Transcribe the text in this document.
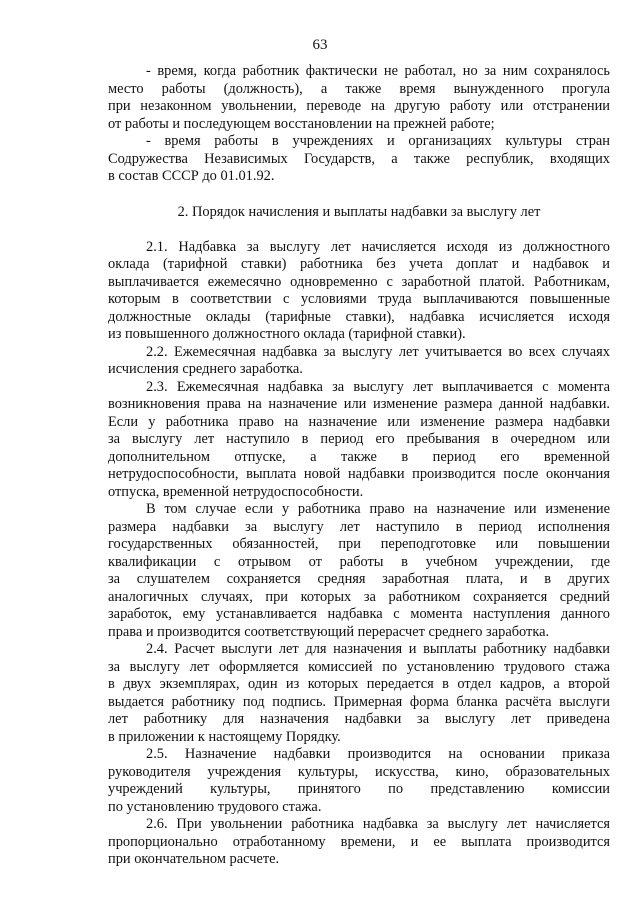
63
- время, когда работник фактически не работал, но за ним сохранялось
место работы (должность), а также время вынужденного прогула
при незаконном увольнении, переводе на другую работу или отстранении
от работы и последующем восстановлении на прежней работе;
- время работы в учреждениях и организациях культуры стран
Содружества Независимых Государств, а также республик, входящих
в состав СССР до 01.01.92.
2. Порядок начисления и выплаты надбавки за выслугу лет
2.1. Надбавка за выслугу лет начисляется исходя из должностного
оклада (тарифной ставки) работника без учета доплат и надбавок и
выплачивается ежемесячно одновременно с заработной платой. Работникам,
которым в соответствии с условиями труда выплачиваются повышенные
должностные оклады (тарифные ставки), надбавка исчисляется исходя
из повышенного должностного оклада (тарифной ставки).
2.2. Ежемесячная надбавка за выслугу лет учитывается во всех случаях
исчисления среднего заработка.
2.3. Ежемесячная надбавка за выслугу лет выплачивается с момента
возникновения права на назначение или изменение размера данной надбавки.
Если у работника право на назначение или изменение размера надбавки
за выслугу лет наступило в период его пребывания в очередном или
дополнительном отпуске, а также в период его временной
нетрудоспособности, выплата новой надбавки производится после окончания
отпуска, временной нетрудоспособности.
В том случае если у работника право на назначение или изменение
размера надбавки за выслугу лет наступило в период исполнения
государственных обязанностей, при переподготовке или повышении
квалификации с отрывом от работы в учебном учреждении, где
за слушателем сохраняется средняя заработная плата, и в других
аналогичных случаях, при которых за работником сохраняется средний
заработок, ему устанавливается надбавка с момента наступления данного
права и производится соответствующий перерасчет среднего заработка.
2.4. Расчет выслуги лет для назначения и выплаты работнику надбавки
за выслугу лет оформляется комиссией по установлению трудового стажа
в двух экземплярах, один из которых передается в отдел кадров, а второй
выдается работнику под подпись. Примерная форма бланка расчёта выслуги
лет работнику для назначения надбавки за выслугу лет приведена
в приложении к настоящему Порядку.
2.5. Назначение надбавки производится на основании приказа
руководителя учреждения культуры, искусства, кино, образовательных
учреждений культуры, принятого по представлению комиссии
по установлению трудового стажа.
2.6. При увольнении работника надбавка за выслугу лет начисляется
пропорционально отработанному времени, и ее выплата производится
при окончательном расчете.
